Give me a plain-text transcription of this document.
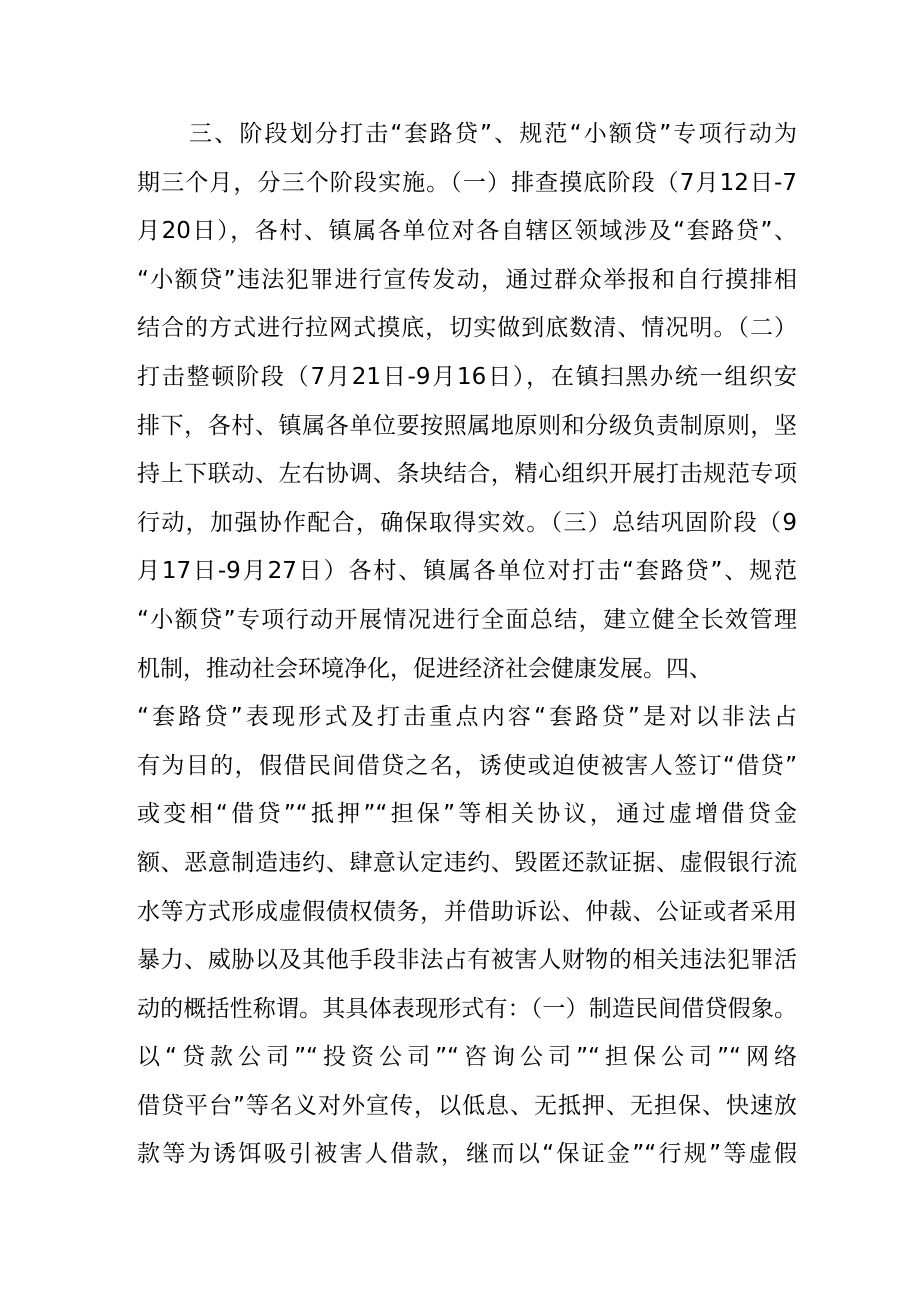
三、阶段划分打击“套路贷”、规范“小额贷”专项行动为
期三个月，分三个阶段实施。（一）排查摸底阶段（7月12日-7
月20日），各村、镇属各单位对各自辖区领域涉及“套路贷”、
“小额贷”违法犯罪进行宣传发动，通过群众举报和自行摸排相
结合的方式进行拉网式摸底，切实做到底数清、情况明。（二）
打击整顿阶段（7月21日-9月16日），在镇扫黑办统一组织安
排下，各村、镇属各单位要按照属地原则和分级负责制原则，坚
持上下联动、左右协调、条块结合，精心组织开展打击规范专项
行动，加强协作配合，确保取得实效。（三）总结巩固阶段（9
月17日-9月27日）各村、镇属各单位对打击“套路贷”、规范
“小额贷”专项行动开展情况进行全面总结，建立健全长效管理
机制，推动社会环境净化，促进经济社会健康发展。四、
“套路贷”表现形式及打击重点内容“套路贷”是对以非法占
有为目的，假借民间借贷之名，诱使或迫使被害人签订“借贷”
或变相“借贷”“抵押”“担保”等相关协议，通过虚增借贷金
额、恶意制造违约、肆意认定违约、毁匿还款证据、虚假银行流
水等方式形成虚假债权债务，并借助诉讼、仲裁、公证或者采用
暴力、威胁以及其他手段非法占有被害人财物的相关违法犯罪活
动的概括性称谓。其具体表现形式有：（一）制造民间借贷假象。
以“贷款公司”“投资公司”“咨询公司”“担保公司”“网络
借贷平台”等名义对外宣传，以低息、无抵押、无担保、快速放
款等为诱饵吸引被害人借款，继而以“保证金”“行规”等虚假
